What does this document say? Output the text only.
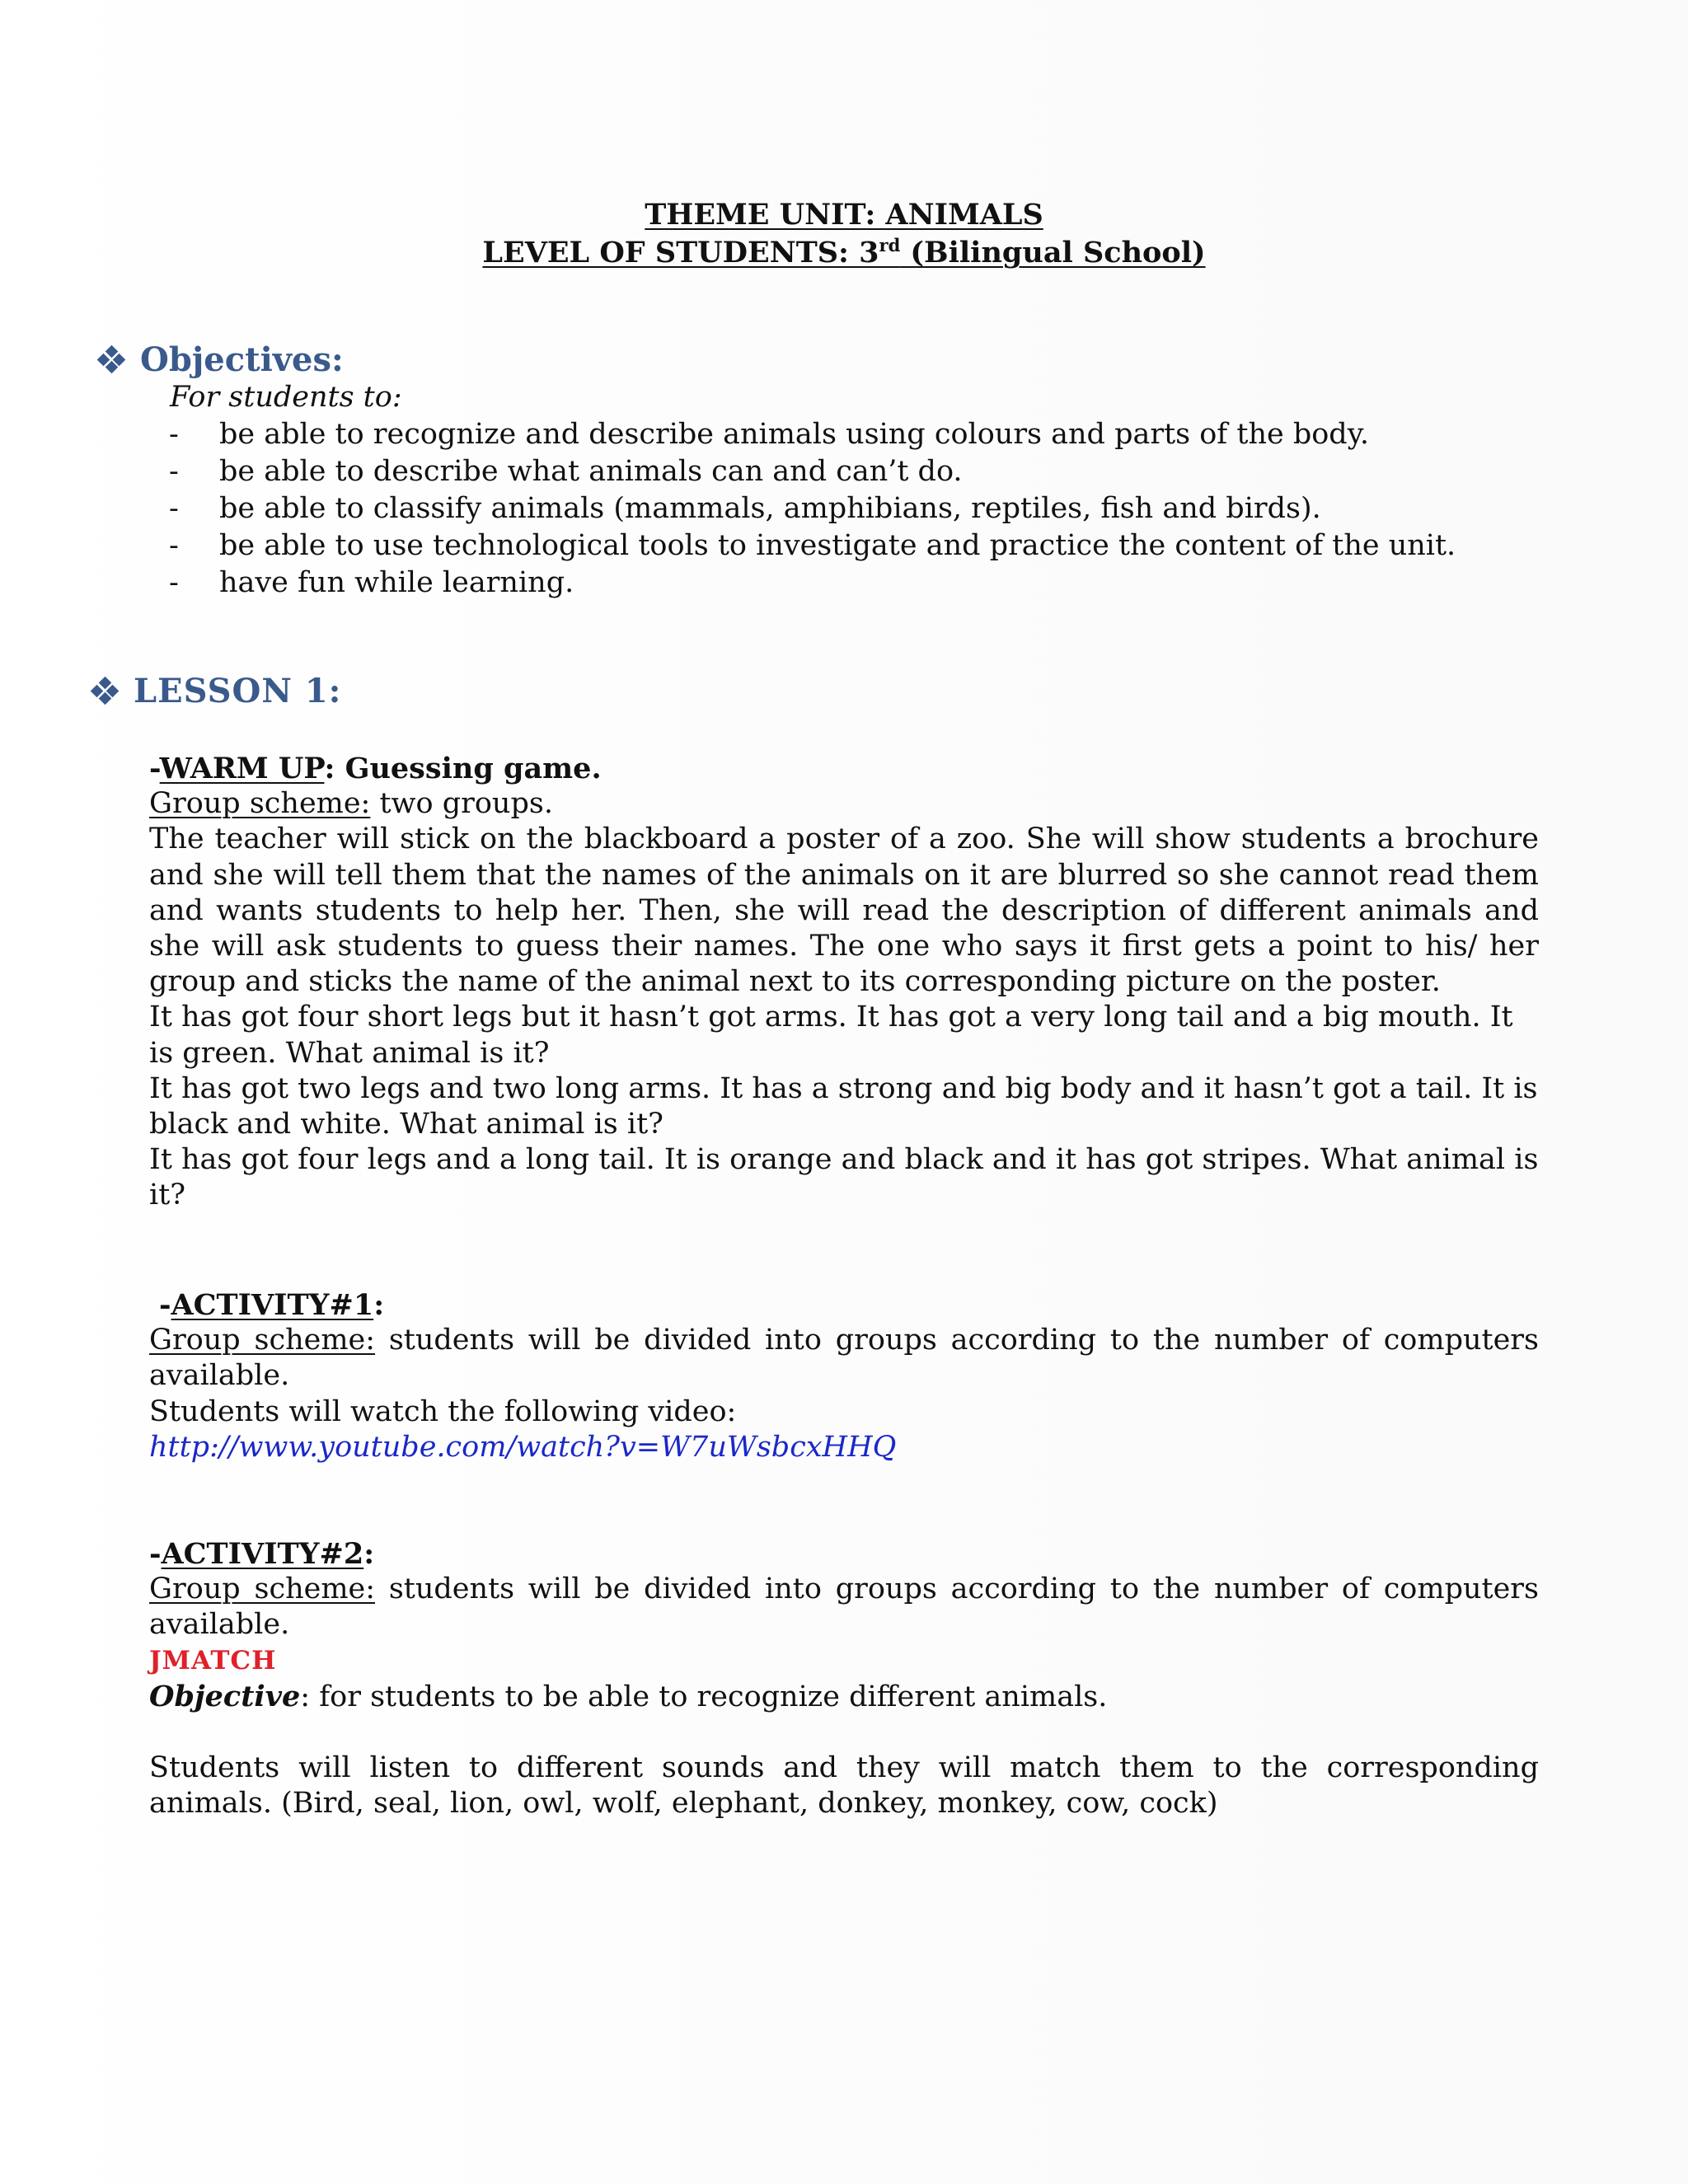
THEME UNIT: ANIMALS
LEVEL OF STUDENTS: 3rd (Bilingual School)
Objectives:
For students to:
- be able to recognize and describe animals using colours and parts of the body.
- be able to describe what animals can and can’t do.
- be able to classify animals (mammals, amphibians, reptiles, fish and birds).
- be able to use technological tools to investigate and practice the content of the unit.
- have fun while learning.
LESSON 1:

-WARM UP: Guessing game.

Group scheme: two groups.

The teacher will stick on the blackboard a poster of a zoo. She will show students a brochure and she will tell them that the names of the animals on it are blurred so she cannot read them and wants students to help her. Then, she will read the description of different animals and she will ask students to guess their names. The one who says it first gets a point to his/ her group and sticks the name of the animal next to its corresponding picture on the poster.

It has got four short legs but it hasn’t got arms. It has got a very long tail and a big mouth. It is green. What animal is it?

It has got two legs and two long arms. It has a strong and big body and it hasn’t got a tail. It is black and white. What animal is it?

It has got four legs and a long tail. It is orange and black and it has got stripes. What animal is it?

-ACTIVITY#1:

Group scheme: students will be divided into groups according to the number of computers available.

Students will watch the following video:

http://www.youtube.com/watch?v=W7uWsbcxHHQ

-ACTIVITY#2:

Group scheme: students will be divided into groups according to the number of computers available.

JMATCH

Objective: for students to be able to recognize different animals.

Students will listen to different sounds and they will match them to the corresponding animals. (Bird, seal, lion, owl, wolf, elephant, donkey, monkey, cow, cock)
